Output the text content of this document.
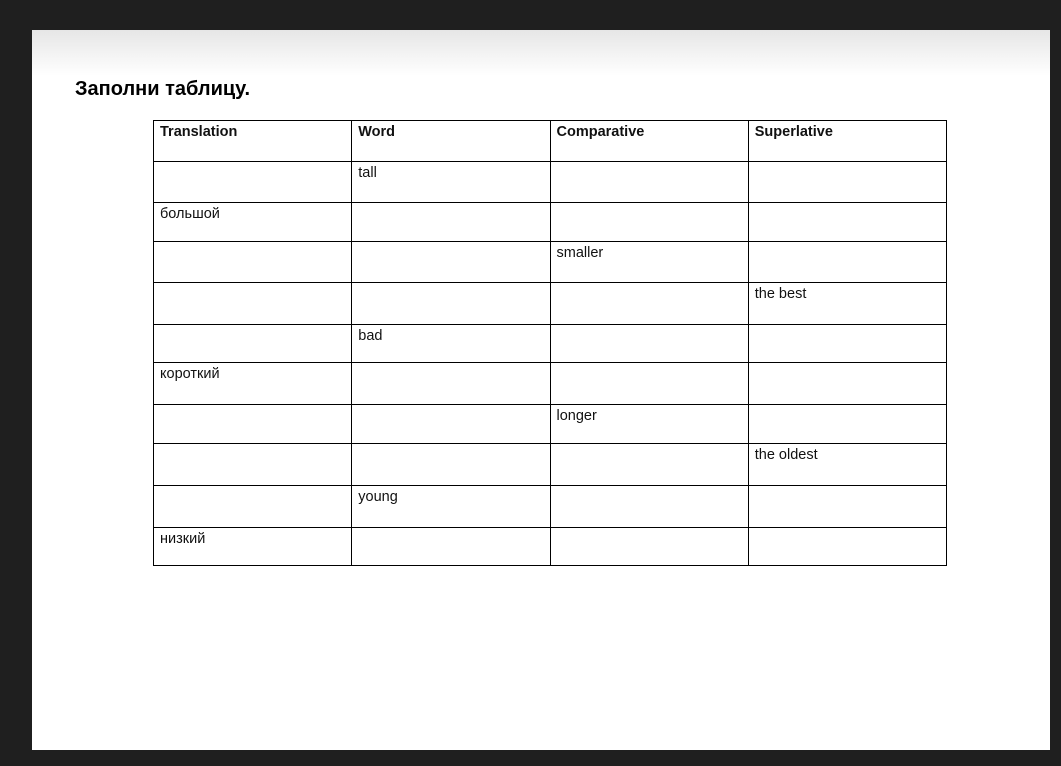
Заполни таблицу.
Translation	Word	Comparative	Superlative
	tall		
большой			
		smaller	
			the best
	bad		
короткий			
		longer	
			the oldest
	young		
низкий			
